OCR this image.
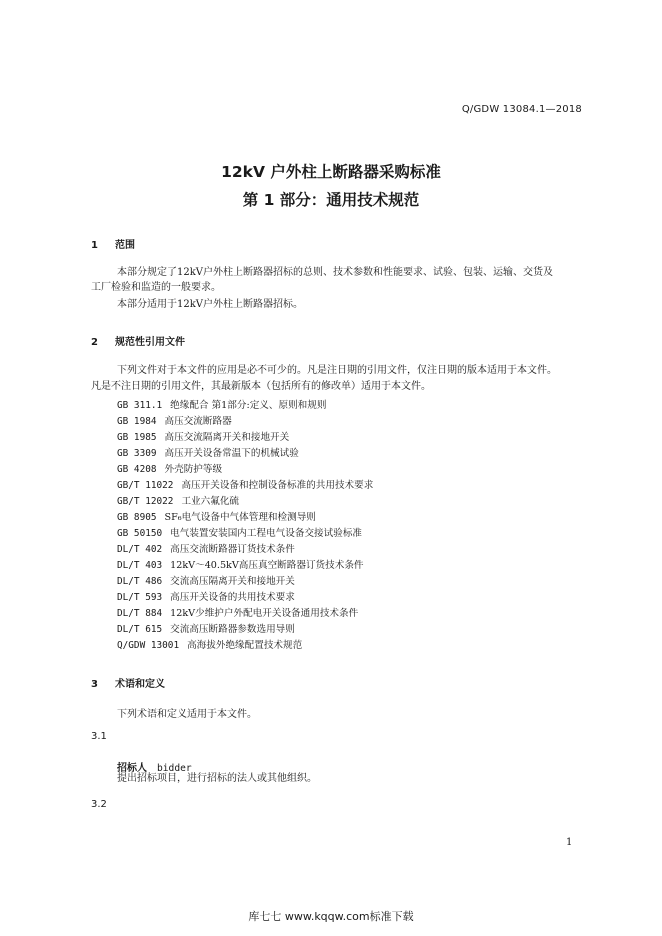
Q/GDW 13084.1—2018
12kV 户外柱上断路器采购标准
第 1 部分：通用技术规范
1 范围
本部分规定了12kV户外柱上断路器招标的总则、技术参数和性能要求、试验、包装、运输、交货及
工厂检验和监造的一般要求。
本部分适用于12kV户外柱上断路器招标。
2 规范性引用文件
下列文件对于本文件的应用是必不可少的。凡是注日期的引用文件，仅注日期的版本适用于本文件。
凡是不注日期的引用文件，其最新版本（包括所有的修改单）适用于本文件。
GB 311.1 绝缘配合 第1部分:定义、原则和规则
GB 1984 高压交流断路器
GB 1985 高压交流隔离开关和接地开关
GB 3309 高压开关设备常温下的机械试验
GB 4208 外壳防护等级
GB/T 11022 高压开关设备和控制设备标准的共用技术要求
GB/T 12022 工业六氟化硫
GB 8905 SF₆电气设备中气体管理和检测导则
GB 50150 电气装置安装国内工程电气设备交接试验标准
DL/T 402 高压交流断路器订货技术条件
DL/T 403 12kV～40.5kV高压真空断路器订货技术条件
DL/T 486 交流高压隔离开关和接地开关
DL/T 593 高压开关设备的共用技术要求
DL/T 884 12kV少维护户外配电开关设备通用技术条件
DL/T 615 交流高压断路器参数选用导则
Q/GDW 13001 高海拔外绝缘配置技术规范
3 术语和定义
下列术语和定义适用于本文件。
3.1
招标人 bidder
提出招标项目，进行招标的法人或其他组织。
3.2
1
库七七 www.kqqw.com标准下载
